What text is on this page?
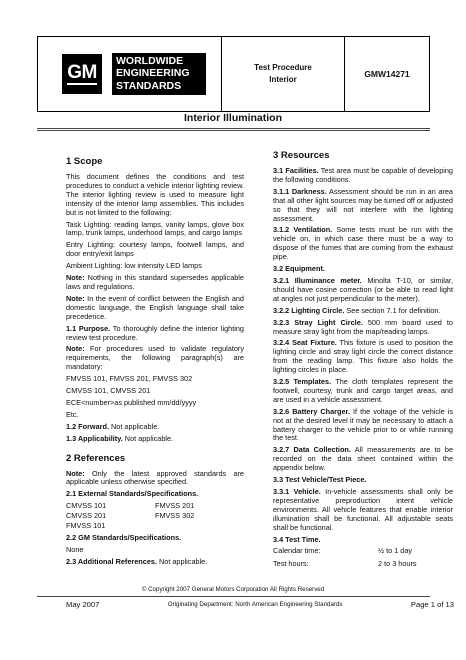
GM
WORLDWIDE
ENGINEERING
STANDARDS
Test Procedure
Interior
GMW14271
Interior Illumination
1 Scope

This document defines the conditions and test procedures to conduct a vehicle interior lighting review. The interior lighting review is used to measure light intensity of the interior lamp assemblies. This includes but is not limited to the following:

Task Lighting: reading lamps, vanity lamps, glove box lamp, trunk lamps, underhood lamps, and cargo lamps

Entry Lighting: courtesy lamps, footwell lamps, and door entry/exit lamps

Ambient Lighting: low intensity LED lamps

Note: Nothing in this standard supersedes applicable laws and regulations.

Note: In the event of conflict between the English and domestic language, the English language shall take precedence.

1.1 Purpose. To thoroughly define the interior lighting review test procedure.

Note: For procedures used to validate regulatory requirements, the following paragraph(s) are mandatory:

FMVSS 101, FMVSS 201, FMVSS 302

CMVSS 101, CMVSS 201

ECE<number>as published mm/dd/yyyy

Etc.

1.2 Forward. Not applicable.

1.3 Applicability. Not applicable.

2 References

Note: Only the latest approved standards are applicable unless otherwise specified.

2.1 External Standards/Specifications.

CMVSS 101	FMVSS 201
CMVSS 201	FMVSS 302
FMVSS 101

2.2 GM Standards/Specifications.

None

2.3 Additional References. Not applicable.

3 Resources

3.1 Facilities. Test area must be capable of developing the following conditions.

3.1.1 Darkness. Assessment should be run in an area that all other light sources may be turned off or adjusted so that they will not interfere with the lighting assessment.

3.1.2 Ventilation. Some tests must be run with the vehicle on, in which case there must be a way to dispose of the fumes that are coming from the exhaust pipe.

3.2 Equipment.

3.2.1 Illuminance meter. Minolta T-10, or similar, should have cosine correction (or be able to read light at angles not just perpendicular to the meter).

3.2.2 Lighting Circle. See section 7.1 for definition.

3.2.3 Stray Light Circle. 500 mm board used to measure stray light from the map/reading lamps.

3.2.4 Seat Fixture. This fixture is used to position the lighting circle and stray light circle the correct distance from the reading lamp. This fixture also holds the lighting circles in place.

3.2.5 Templates. The cloth templates represent the footwell, courtesy, trunk and cargo target areas, and are used in a vehicle assessment.

3.2.6 Battery Charger. If the voltage of the vehicle is not at the desired level it may be necessary to attach a battery charger to the vehicle prior to or while running the test.

3.2.7 Data Collection. All measurements are to be recorded on the data sheet contained within the appendix below.

3.3 Test Vehicle/Test Piece.

3.3.1 Vehicle. In-vehicle assessments shall only be representative preproduction intent vehicle environments. All vehicle features that enable interior illumination shall be functional. All adjustable seats shall be functional.

3.4 Test Time.

Calendar time:	½ to 1 day
Test hours:	2 to 3 hours
© Copyright 2007 General Motors Corporation All Rights Reserved
May 2007	Originating Department: North American Engineering Standards	Page 1 of 13
